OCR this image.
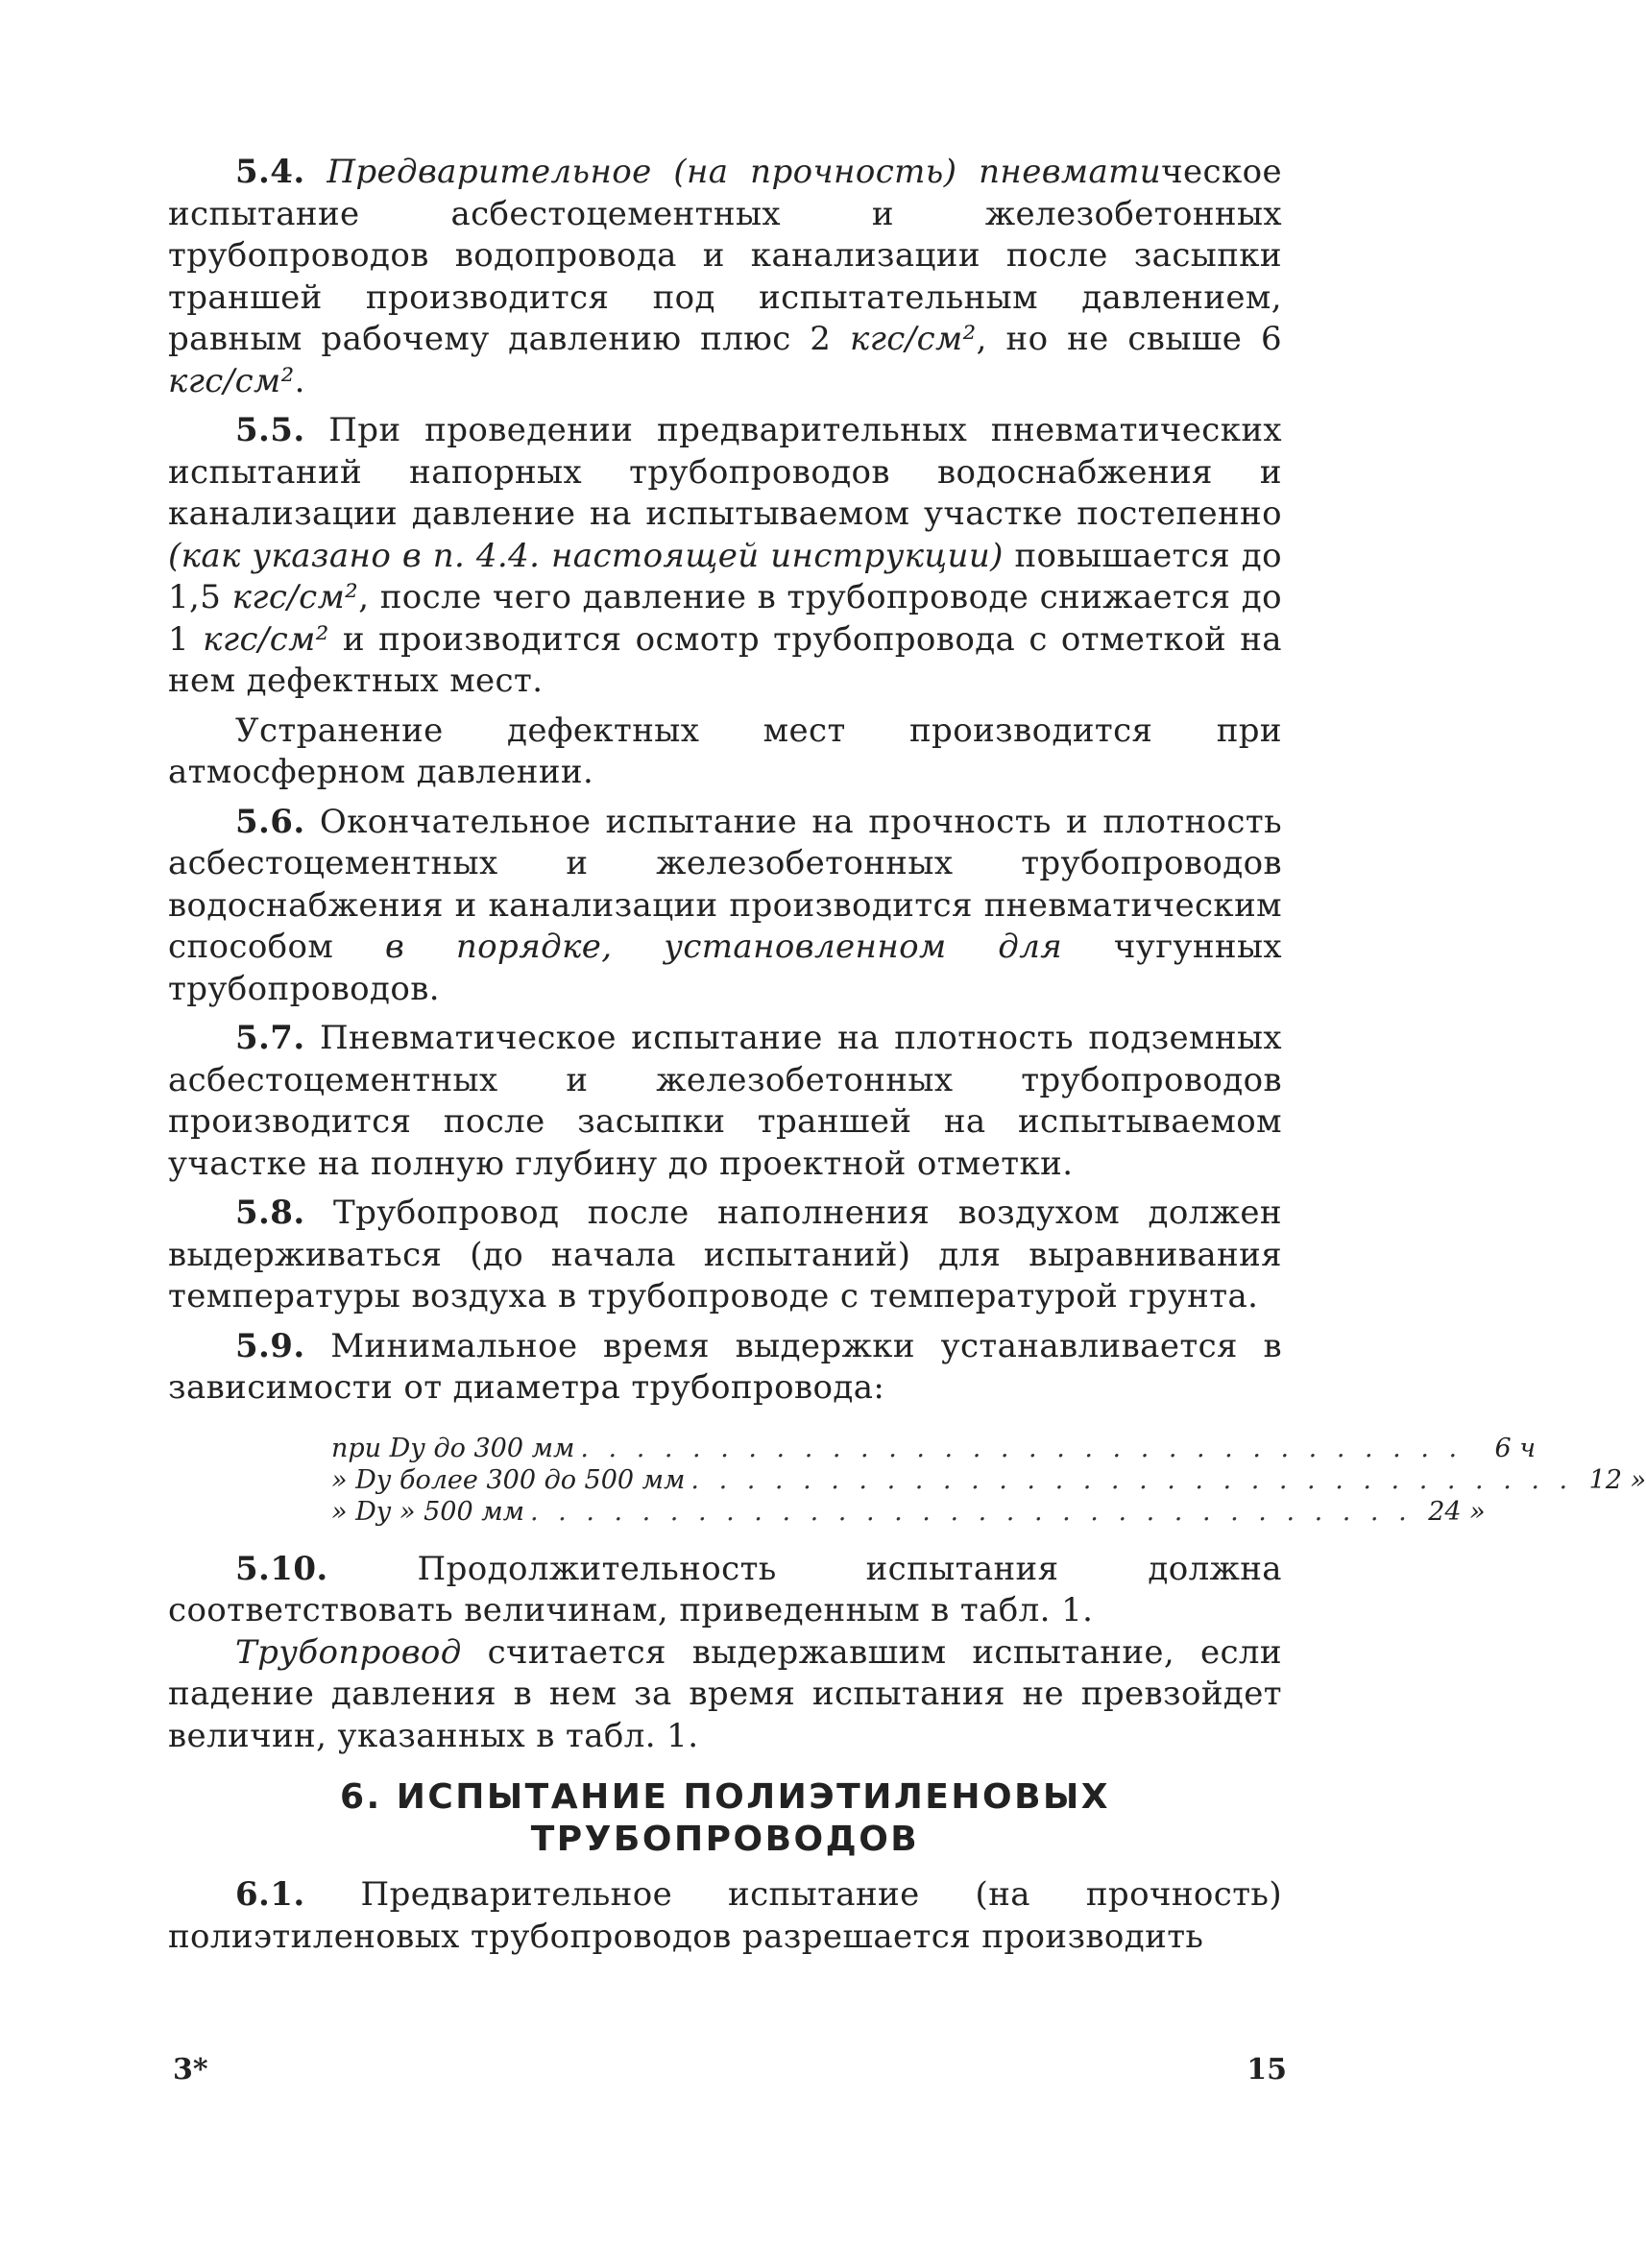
5.4. Предварительное (на прочность) пневматическое испытание асбестоцементных и железобетонных трубопроводов водопровода и канализации после засыпки траншей производится под испытательным давлением, равным рабочему давлению плюс 2 кгс/см², но не свыше 6 кгс/см².

5.5. При проведении предварительных пневматических испытаний напорных трубопроводов водоснабжения и канализации давление на испытываемом участке постепенно (как указано в п. 4.4. настоящей инструкции) повышается до 1,5 кгс/см², после чего давление в трубопроводе снижается до 1 кгс/см² и производится осмотр трубопровода с отметкой на нем дефектных мест.

Устранение дефектных мест производится при атмосферном давлении.

5.6. Окончательное испытание на прочность и плотность асбестоцементных и железобетонных трубопроводов водоснабжения и канализации производится пневматическим способом в порядке, установленном для чугунных трубопроводов.

5.7. Пневматическое испытание на плотность подземных асбестоцементных и железобетонных трубопроводов производится после засыпки траншей на испытываемом участке на полную глубину до проектной отметки.

5.8. Трубопровод после наполнения воздухом должен выдерживаться (до начала испытаний) для выравнивания температуры воздуха в трубопроводе с температурой грунта.

5.9. Минимальное время выдержки устанавливается в зависимости от диаметра трубопровода:

при Dу до 300 мм . . . . . . . . . . . . . . . . . . . . . . . . . . . . . . . .	6 ч
» Dу более 300 до 500 мм . . . . . . . . . . . . . . . . . . . . . . . . . . . . . . . . 12 »
» Dу » 500 мм . . . . . . . . . . . . . . . . . . . . . . . . . . . . . . . . 24 »

5.10.	Продолжительность испытания должна соответствовать величинам, приведенным в табл. 1.

Трубопровод считается выдержавшим испытание, если падение давления в нем за время испытания не превзойдет величин, указанных в табл. 1.

6. ИСПЫТАНИЕ ПОЛИЭТИЛЕНОВЫХ
ТРУБОПРОВОДОВ

6.1. Предварительное испытание (на прочность) полиэтиленовых трубопроводов разрешается производить

3*	15
